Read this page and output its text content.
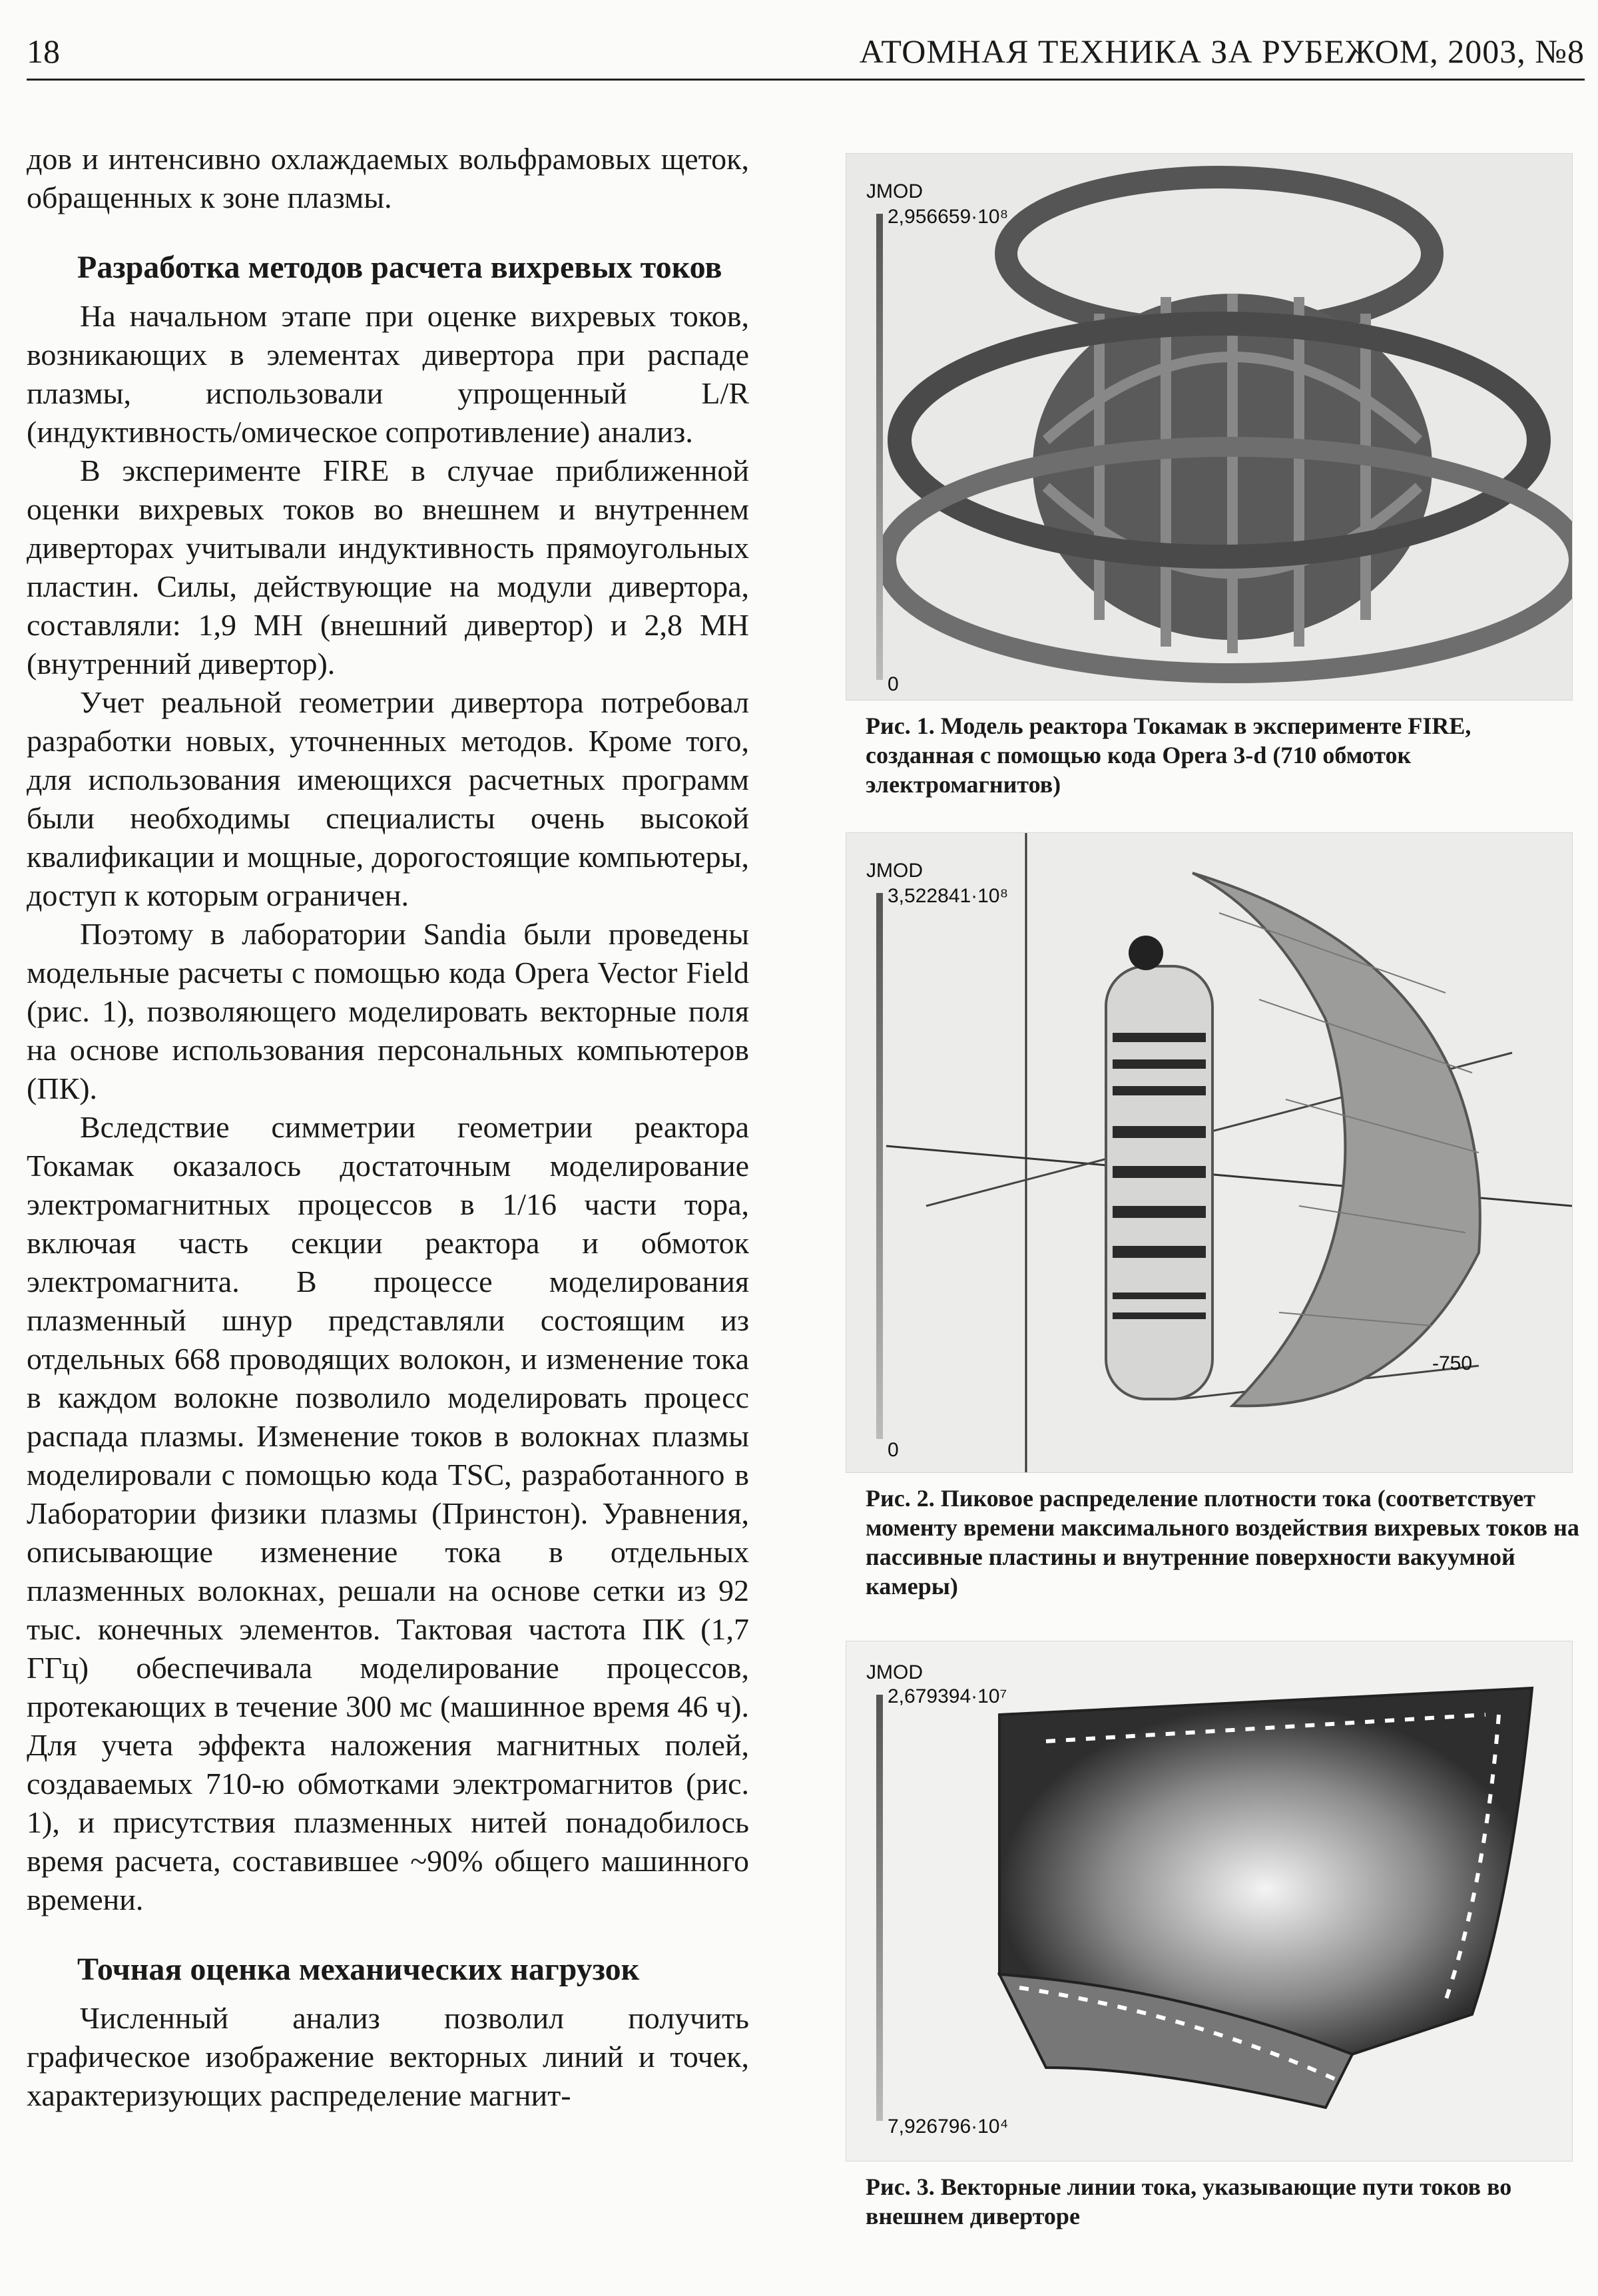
18	АТОМНАЯ ТЕХНИКА ЗА РУБЕЖОМ, 2003, №8

дов и интенсивно охлаждаемых вольфрамовых щеток, обращенных к зоне плазмы.

Разработка методов расчета вихревых токов

На начальном этапе при оценке вихревых токов, возникающих в элементах дивертора при распаде плазмы, использовали упрощенный L/R (индуктивность/омическое сопротивление) анализ.

В эксперименте FIRE в случае приближенной оценки вихревых токов во внешнем и внутреннем диверторах учитывали индуктивность прямоугольных пластин. Силы, действующие на модули дивертора, составляли: 1,9 МН (внешний дивертор) и 2,8 МН (внутренний дивертор).

Учет реальной геометрии дивертора потребовал разработки новых, уточненных методов. Кроме того, для использования имеющихся расчетных программ были необходимы специалисты очень высокой квалификации и мощные, дорогостоящие компьютеры, доступ к которым ограничен.

Поэтому в лаборатории Sandia были проведены модельные расчеты с помощью кода Opera Vector Field (рис. 1), позволяющего моделировать векторные поля на основе использования персональных компьютеров (ПК).

Вследствие симметрии геометрии реактора Токамак оказалось достаточным моделирование электромагнитных процессов в 1/16 части тора, включая часть секции реактора и обмоток электромагнита. В процессе моделирования плазменный шнур представляли состоящим из отдельных 668 проводящих волокон, и изменение тока в каждом волокне позволило моделировать процесс распада плазмы. Изменение токов в волокнах плазмы моделировали с помощью кода TSC, разработанного в Лаборатории физики плазмы (Принстон). Уравнения, описывающие изменение тока в отдельных плазменных волокнах, решали на основе сетки из 92 тыс. конечных элементов. Тактовая частота ПК (1,7 ГГц) обеспечивала моделирование процессов, протекающих в течение 300 мс (машинное время 46 ч). Для учета эффекта наложения магнитных полей, создаваемых 710-ю обмотками электромагнитов (рис. 1), и присутствия плазменных нитей понадобилось время расчета, составившее ~90% общего машинного времени.

Точная оценка механических нагрузок

Численный анализ позволил получить графическое изображение векторных линий и точек, характеризующих распределение магнит-

JMOD
2,956659·10⁸
0
Рис. 1. Модель реактора Токамак в эксперименте FIRE, созданная с помощью кода Opera 3-d (710 обмоток электромагнитов)
JMOD
3,522841·10⁸
0
-750
Рис. 2. Пиковое распределение плотности тока (соответствует моменту времени максимального воздействия вихревых токов на пассивные пластины и внутренние поверхности вакуумной камеры)
JMOD
2,679394·10⁷
7,926796·10⁴
Рис. 3. Векторные линии тока, указывающие пути токов во внешнем диверторе
